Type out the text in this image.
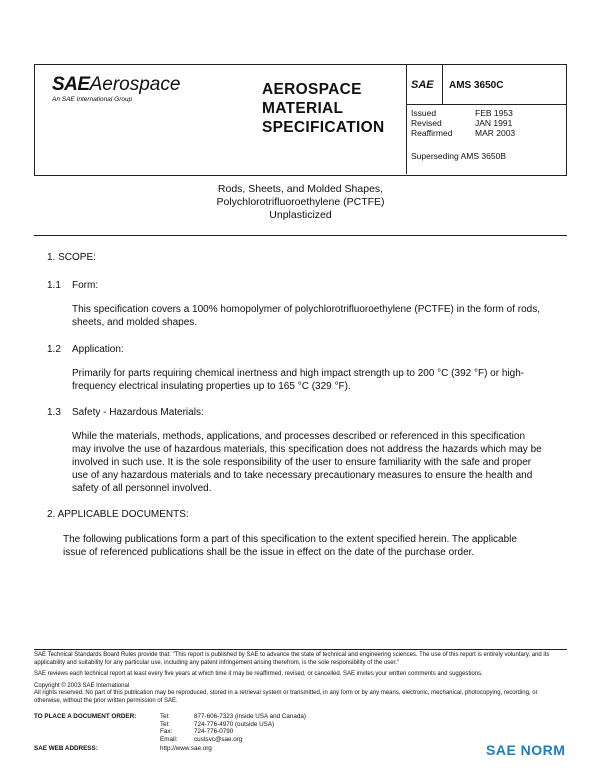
SAEAerospace
An SAE International Group
AEROSPACE
MATERIAL
SPECIFICATION
SAE AMS 3650C
Issued	FEB 1953
Revised	JAN 1991
Reaffirmed	MAR 2003
Superseding AMS 3650B
Rods, Sheets, and Molded Shapes,
Polychlorotrifluoroethylene (PCTFE)
Unplasticized
1. SCOPE:
1.1 Form:
This specification covers a 100% homopolymer of polychlorotrifluoroethylene (PCTFE) in the form of rods, sheets, and molded shapes.
1.2 Application:
Primarily for parts requiring chemical inertness and high impact strength up to 200 °C (392 °F) or high-frequency electrical insulating properties up to 165 °C (329 °F).
1.3 Safety - Hazardous Materials:
While the materials, methods, applications, and processes described or referenced in this specification may involve the use of hazardous materials, this specification does not address the hazards which may be involved in such use. It is the sole responsibility of the user to ensure familiarity with the safe and proper use of any hazardous materials and to take necessary precautionary measures to ensure the health and safety of all personnel involved.
2. APPLICABLE DOCUMENTS:
The following publications form a part of this specification to the extent specified herein. The applicable issue of referenced publications shall be the issue in effect on the date of the purchase order.
SAE Technical Standards Board Rules provide that: "This report is published by SAE to advance the state of technical and engineering sciences. The use of this report is entirely voluntary, and its applicability and suitability for any particular use, including any patent infringement arising therefrom, is the sole responsibility of the user."
SAE reviews each technical report at least every five years at which time it may be reaffirmed, revised, or cancelled. SAE invites your written comments and suggestions.
Copyright © 2003 SAE International
All rights reserved. No part of this publication may be reproduced, stored in a retrieval system or transmitted, in any form or by any means, electronic, mechanical, photocopying, recording, or otherwise, without the prior written permission of SAE.
TO PLACE A DOCUMENT ORDER:	Tel:	877-606-7323 (inside USA and Canada)
Tel:	724-776-4970 (outside USA)
Fax:	724-776-0790
Email:	custsvc@sae.org
SAE WEB ADDRESS:	http://www.sae.org	SAE NORM
